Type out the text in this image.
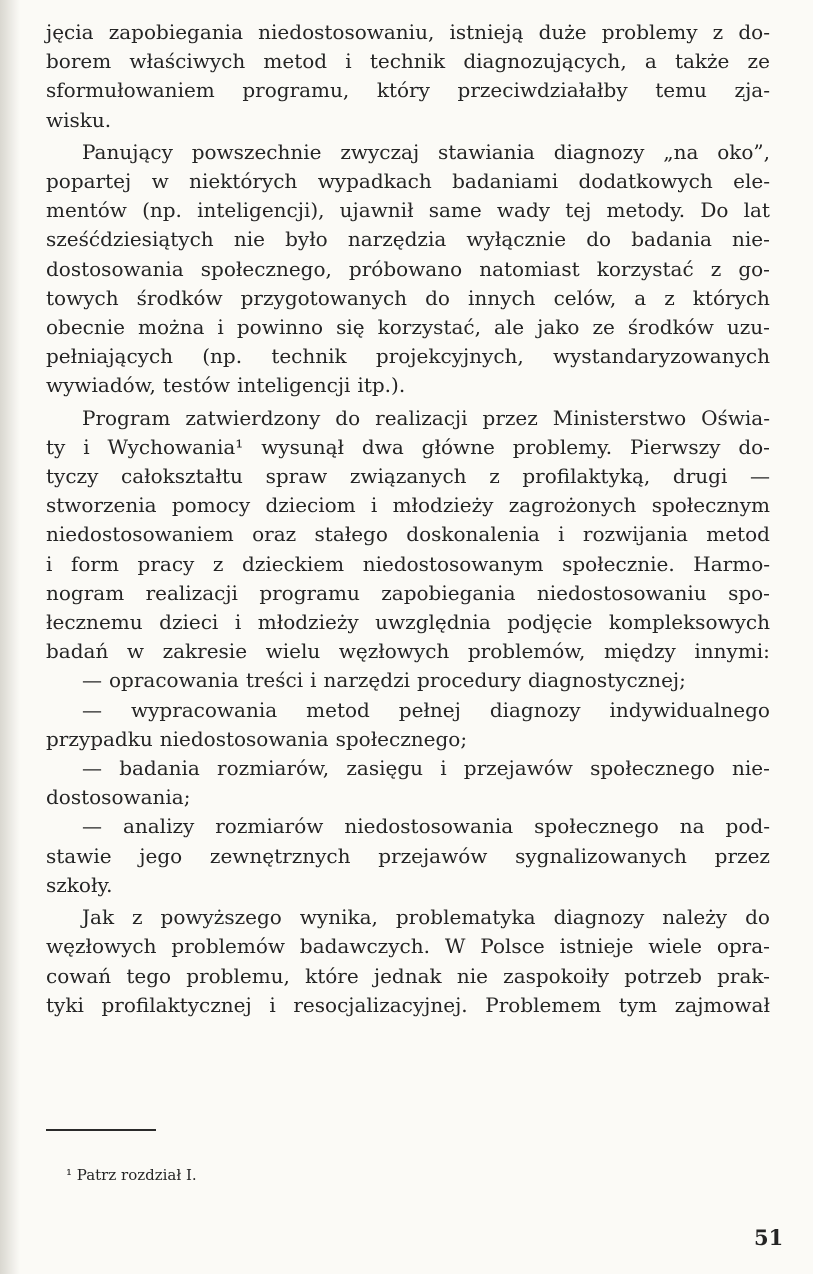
jęcia zapobiegania niedostosowaniu, istnieją duże problemy z do-
borem właściwych metod i technik diagnozujących, a także ze
sformułowaniem programu, który przeciwdziałałby temu zja-
wisku.
Panujący powszechnie zwyczaj stawiania diagnozy „na oko”,
popartej w niektórych wypadkach badaniami dodatkowych ele-
mentów (np. inteligencji), ujawnił same wady tej metody. Do lat
sześćdziesiątych nie było narzędzia wyłącznie do badania nie-
dostosowania społecznego, próbowano natomiast korzystać z go-
towych środków przygotowanych do innych celów, a z których
obecnie można i powinno się korzystać, ale jako ze środków uzu-
pełniających (np. technik projekcyjnych, wystandaryzowanych
wywiadów, testów inteligencji itp.).
Program zatwierdzony do realizacji przez Ministerstwo Oświa-
ty i Wychowania¹ wysunął dwa główne problemy. Pierwszy do-
tyczy całokształtu spraw związanych z profilaktyką, drugi —
stworzenia pomocy dzieciom i młodzieży zagrożonych społecznym
niedostosowaniem oraz stałego doskonalenia i rozwijania metod
i form pracy z dzieckiem niedostosowanym społecznie. Harmo-
nogram realizacji programu zapobiegania niedostosowaniu spo-
łecznemu dzieci i młodzieży uwzględnia podjęcie kompleksowych
badań w zakresie wielu węzłowych problemów, między innymi:
— opracowania treści i narzędzi procedury diagnostycznej;
— wypracowania metod pełnej diagnozy indywidualnego
przypadku niedostosowania społecznego;
— badania rozmiarów, zasięgu i przejawów społecznego nie-
dostosowania;
— analizy rozmiarów niedostosowania społecznego na pod-
stawie jego zewnętrznych przejawów sygnalizowanych przez
szkoły.
Jak z powyższego wynika, problematyka diagnozy należy do
węzłowych problemów badawczych. W Polsce istnieje wiele opra-
cowań tego problemu, które jednak nie zaspokoiły potrzeb prak-
tyki profilaktycznej i resocjalizacyjnej. Problemem tym zajmował
¹ Patrz rozdział I.
51
